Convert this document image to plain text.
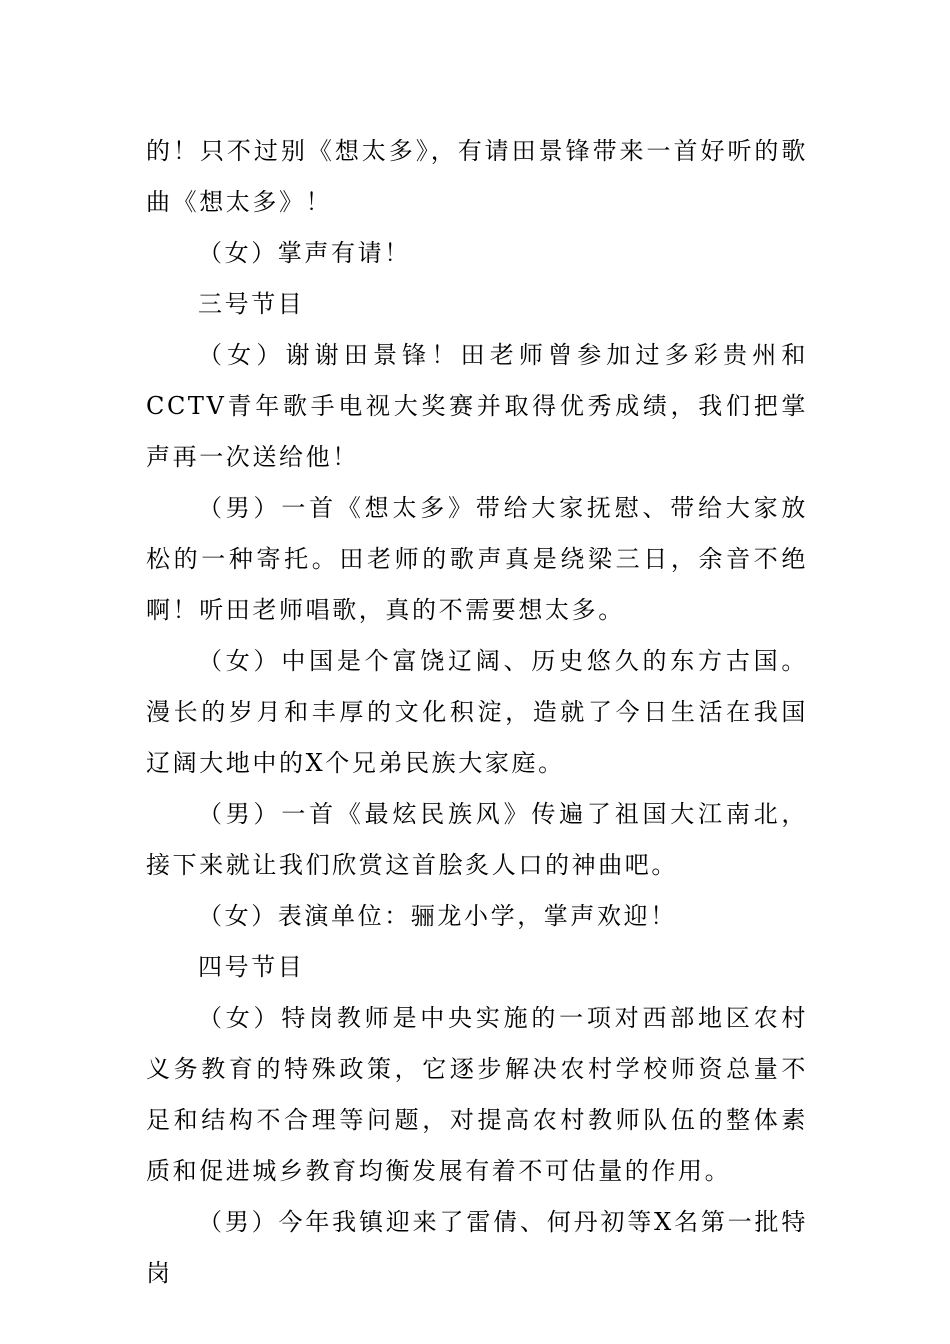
的！只不过别《想太多》，有请田景锋带来一首好听的歌曲《想太多》！

（女）掌声有请！

三号节目

（女）谢谢田景锋！田老师曾参加过多彩贵州和CCTV青年歌手电视大奖赛并取得优秀成绩，我们把掌声再一次送给他！

（男）一首《想太多》带给大家抚慰、带给大家放松的一种寄托。田老师的歌声真是绕梁三日，余音不绝啊！听田老师唱歌，真的不需要想太多。

（女）中国是个富饶辽阔、历史悠久的东方古国。漫长的岁月和丰厚的文化积淀，造就了今日生活在我国辽阔大地中的X个兄弟民族大家庭。

（男）一首《最炫民族风》传遍了祖国大江南北，接下来就让我们欣赏这首脍炙人口的神曲吧。

（女）表演单位：骊龙小学，掌声欢迎！

四号节目

（女）特岗教师是中央实施的一项对西部地区农村义务教育的特殊政策，它逐步解决农村学校师资总量不足和结构不合理等问题，对提高农村教师队伍的整体素质和促进城乡教育均衡发展有着不可估量的作用。

（男）今年我镇迎来了雷倩、何丹初等X名第一批特岗
